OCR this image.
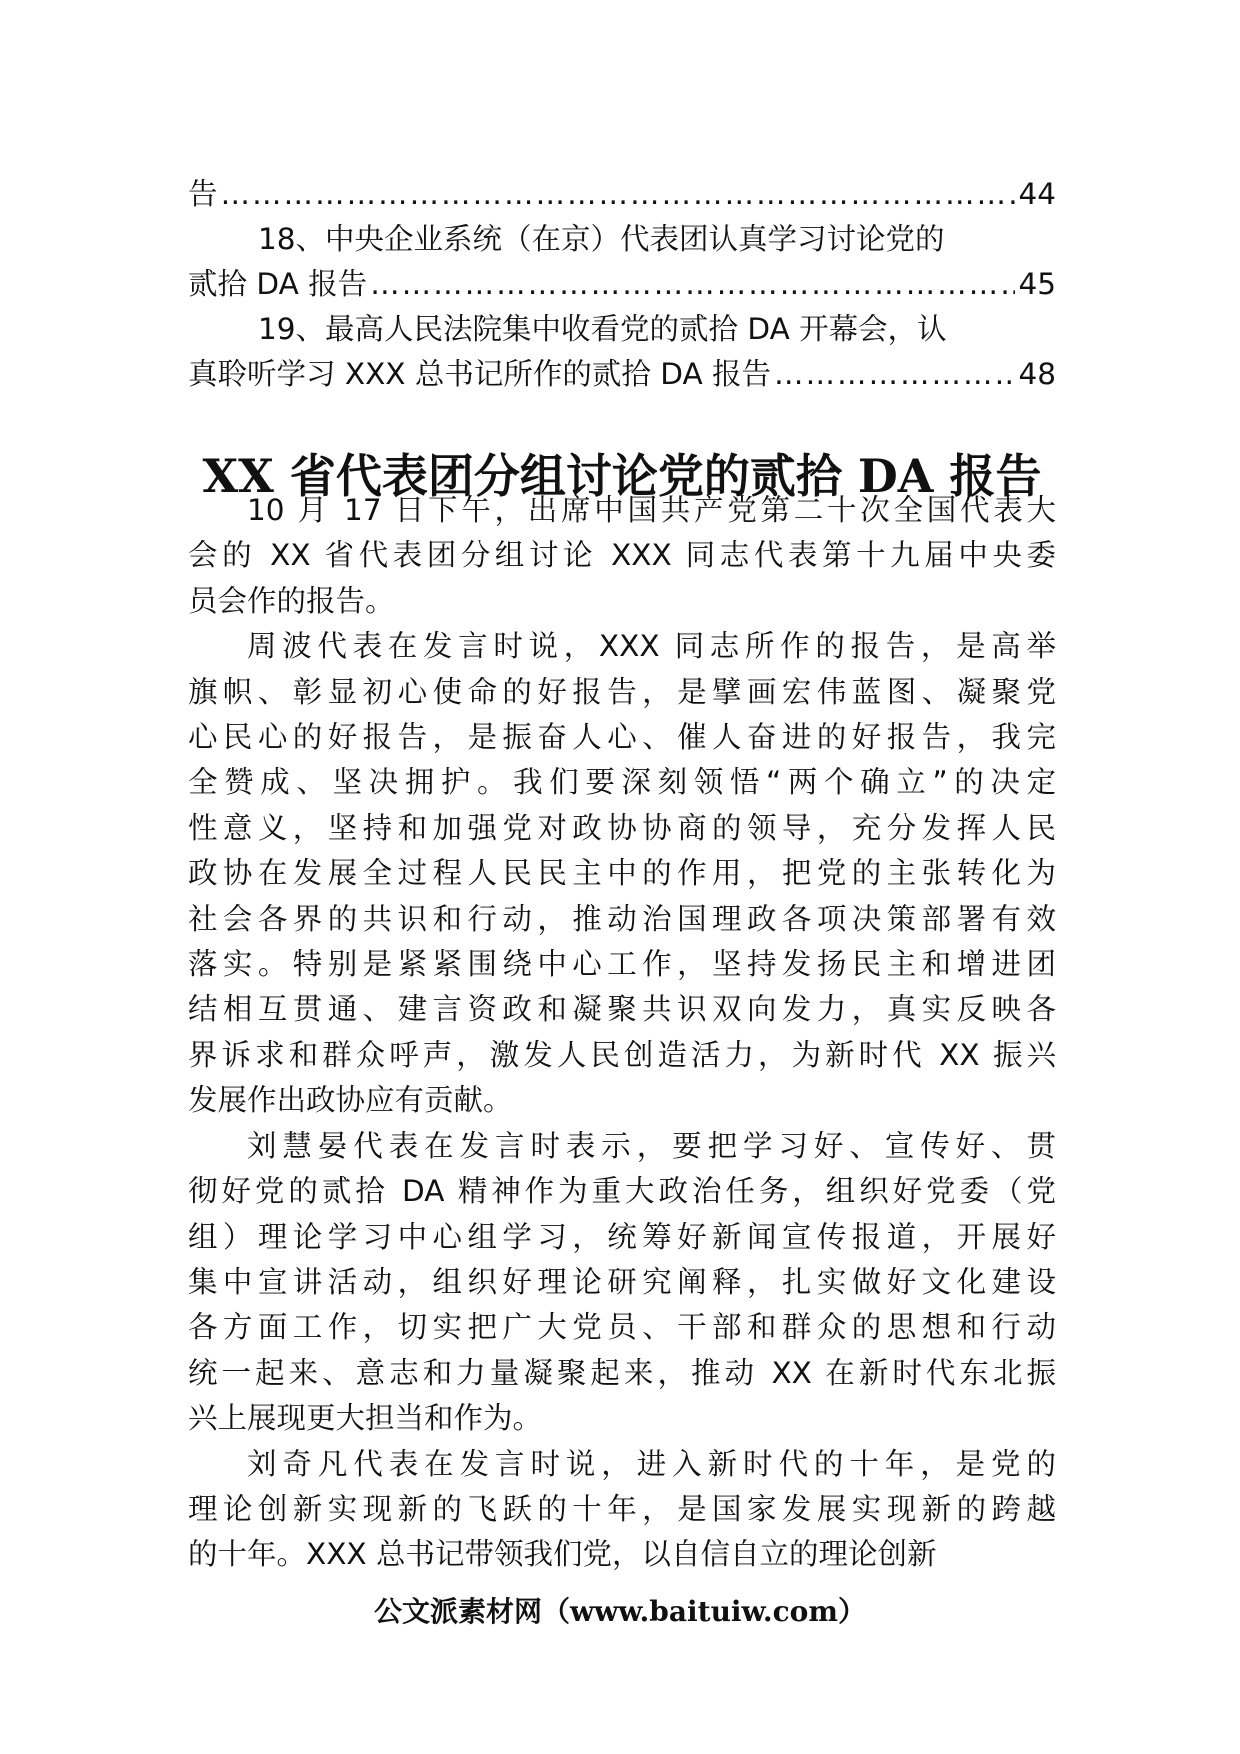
告 ………………………………………………………………………………………………………………………………………	44
18、中央企业系统（在京）代表团认真学习讨论党的
贰拾 DA 报告 ………………………………………………………………………………………………………………………………………	45
19、最高人民法院集中收看党的贰拾 DA 开幕会，认
真聆听学习 XXX 总书记所作的贰拾 DA 报告 ………………………………………………………………………………………………………………………………………	48
XX 省代表团分组讨论党的贰拾 DA 报告

10 月 17 日下午，出席中国共产党第二十次全国代表大
会的 XX 省代表团分组讨论 XXX 同志代表第十九届中央委
员会作的报告。

周波代表在发言时说，XXX 同志所作的报告，是高举
旗帜、彰显初心使命的好报告，是擘画宏伟蓝图、凝聚党
心民心的好报告，是振奋人心、催人奋进的好报告，我完
全赞成、坚决拥护。我们要深刻领悟“两个确立”的决定
性意义，坚持和加强党对政协协商的领导，充分发挥人民
政协在发展全过程人民民主中的作用，把党的主张转化为
社会各界的共识和行动，推动治国理政各项决策部署有效
落实。特别是紧紧围绕中心工作，坚持发扬民主和增进团
结相互贯通、建言资政和凝聚共识双向发力，真实反映各
界诉求和群众呼声，激发人民创造活力，为新时代 XX 振兴
发展作出政协应有贡献。

刘慧晏代表在发言时表示，要把学习好、宣传好、贯
彻好党的贰拾 DA 精神作为重大政治任务，组织好党委（党
组）理论学习中心组学习，统筹好新闻宣传报道，开展好
集中宣讲活动，组织好理论研究阐释，扎实做好文化建设
各方面工作，切实把广大党员、干部和群众的思想和行动
统一起来、意志和力量凝聚起来，推动 XX 在新时代东北振
兴上展现更大担当和作为。

刘奇凡代表在发言时说，进入新时代的十年，是党的
理论创新实现新的飞跃的十年，是国家发展实现新的跨越
的十年。XXX 总书记带领我们党，以自信自立的理论创新

公文派素材网（www.baituiw.com）
